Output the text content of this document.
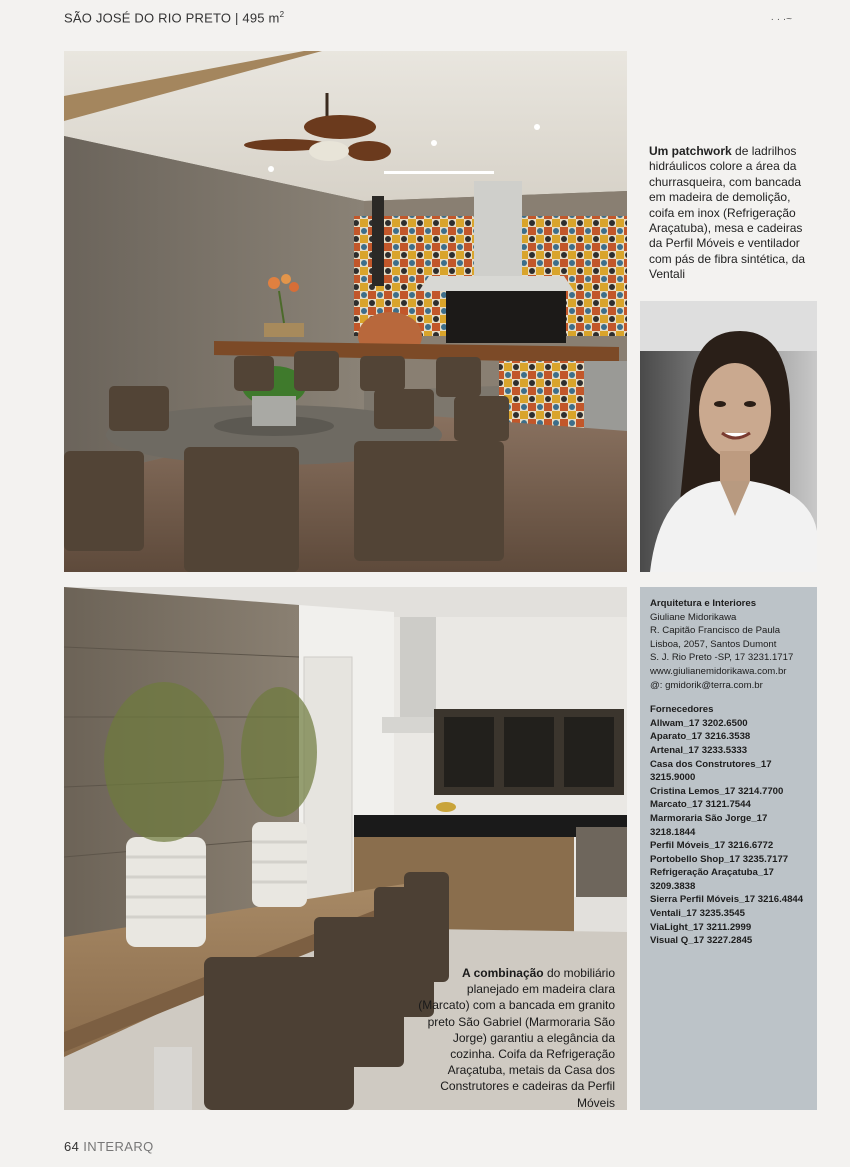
SÃO JOSÉ DO RIO PRETO | 495 $m^2$	· · ·~
Um patchwork de ladrilhos hidráulicos colore a área da churrasqueira, com bancada em madeira de demolição, coifa em inox (Refrigeração Araçatuba), mesa e cadeiras da Perfil Móveis e ventilador com pás de fibra sintética, da Ventali
Arquitetura e Interiores
Giuliane Midorikawa
R. Capitão Francisco de Paula
Lisboa, 2057, Santos Dumont
S. J. Rio Preto -SP, 17 3231.1717
www.giulianemidorikawa.com.br
@: gmidorik@terra.com.br
Fornecedores
Allwam_17 3202.6500
Aparato_17 3216.3538
Artenal_17 3233.5333
Casa dos Construtores_17 3215.9000
Cristina Lemos_17 3214.7700
Marcato_17 3121.7544
Marmoraria São Jorge_17 3218.1844
Perfil Móveis_17 3216.6772
Portobello Shop_17 3235.7177
Refrigeração Araçatuba_17 3209.3838
Sierra Perfil Móveis_17 3216.4844
Ventali_17 3235.3545
ViaLight_17 3211.2999
Visual Q_17 3227.2845
A combinação do mobiliário planejado em madeira clara (Marcato) com a bancada em granito preto São Gabriel (Marmoraria São Jorge) garantiu a elegância da cozinha. Coifa da Refrigeração Araçatuba, metais da Casa dos Construtores e cadeiras da Perfil Móveis
64 INTERARQ
